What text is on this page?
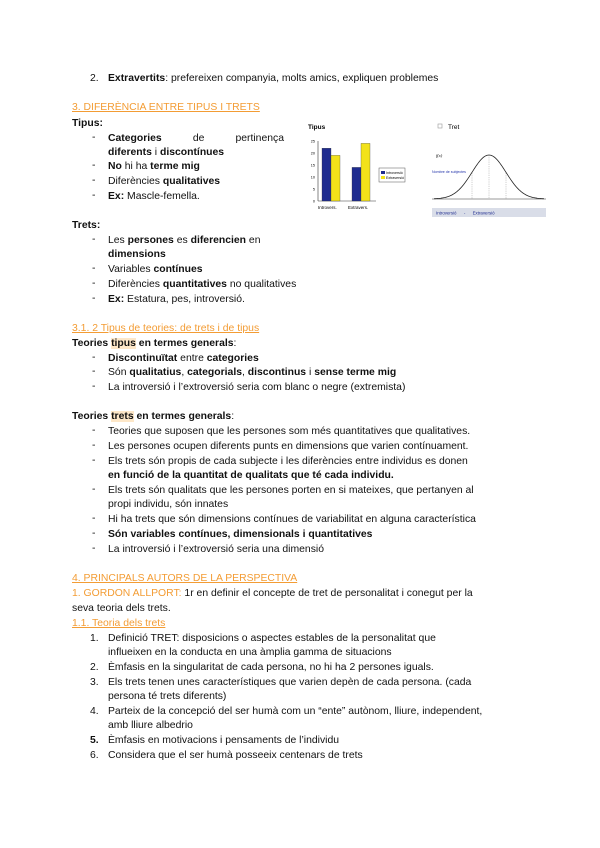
2. Extravertits: prefereixen companyia, molts amics, expliquen problemes
3. DIFERÈNCIA ENTRE TIPUS I TRETS
Tipus:
- Categories	de	pertinença
diferents i discontínues
- No hi ha terme mig
- Diferències qualitatives
- Ex: Mascle-femella.
Tipus
0
5
10
15
20
25
Introvers. Extravers.
Introversió
Extraversió
Tret
f(x)
Nombre de subjectes
Introversió      -      Extraversió
Trets:
- Les persones es diferencien en
dimensions
- Variables contínues
- Diferències quantitatives no qualitatives
- Ex: Estatura, pes, introversió.
3.1. 2 Tipus de teories: de trets i de tipus
Teories tipus en termes generals:
- Discontinuïtat entre categories
- Són qualitatius, categorials, discontinus i sense terme mig
- La introversió i l’extroversió seria com blanc o negre (extremista)
Teories trets en termes generals:
- Teories que suposen que les persones som més quantitatives que qualitatives.
- Les persones ocupen diferents punts en dimensions que varien contínuament.
- Els trets són propis de cada subjecte i les diferències entre individus es donen
en funció de la quantitat de qualitats que té cada individu.
- Els trets són qualitats que les persones porten en si mateixes, que pertanyen al
propi individu, són innates
- Hi ha trets que són dimensions contínues de variabilitat en alguna característica
- Són variables contínues, dimensionals i quantitatives
- La introversió i l’extroversió seria una dimensió
4. PRINCIPALS AUTORS DE LA PERSPECTIVA
1. GORDON ALLPORT: 1r en definir el concepte de tret de personalitat i conegut per la
seva teoria dels trets.
1.1. Teoria dels trets
1. Definició TRET: disposicions o aspectes estables de la personalitat que
influeixen en la conducta en una àmplia gamma de situacions
2. Èmfasis en la singularitat de cada persona, no hi ha 2 persones iguals.
3. Els trets tenen unes característiques que varien depèn de cada persona. (cada
persona té trets diferents)
4. Parteix de la concepció del ser humà com un “ente” autònom, lliure, independent,
amb lliure albedrio
5. Èmfasis en motivacions i pensaments de l’individu
6. Considera que el ser humà posseeix centenars de trets
